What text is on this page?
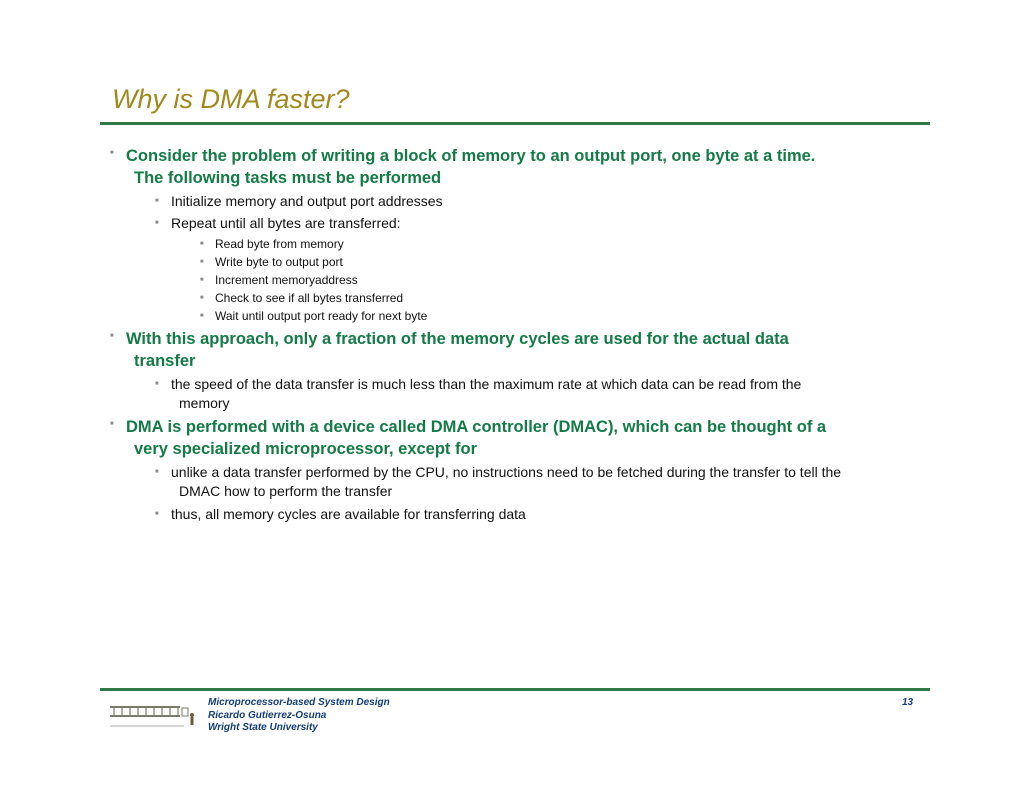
Why is DMA faster?
■ Consider the problem of writing a block of memory to an output port, one byte at a time.
The following tasks must be performed
■ Initialize memory and output port addresses
■ Repeat until all bytes are transferred:
■ Read byte from memory
■ Write byte to output port
■ Increment memoryaddress
■ Check to see if all bytes transferred
■ Wait until output port ready for next byte
■ With this approach, only a fraction of the memory cycles are used for the actual data
transfer
■ the speed of the data transfer is much less than the maximum rate at which data can be read from the
memory
■ DMA is performed with a device called DMA controller (DMAC), which can be thought of a
very specialized microprocessor, except for
■ unlike a data transfer performed by the CPU, no instructions need to be fetched during the transfer to tell the
DMAC how to perform the transfer
■ thus, all memory cycles are available for transferring data
Microprocessor-based System Design
Ricardo Gutierrez-Osuna
Wright State University
13
